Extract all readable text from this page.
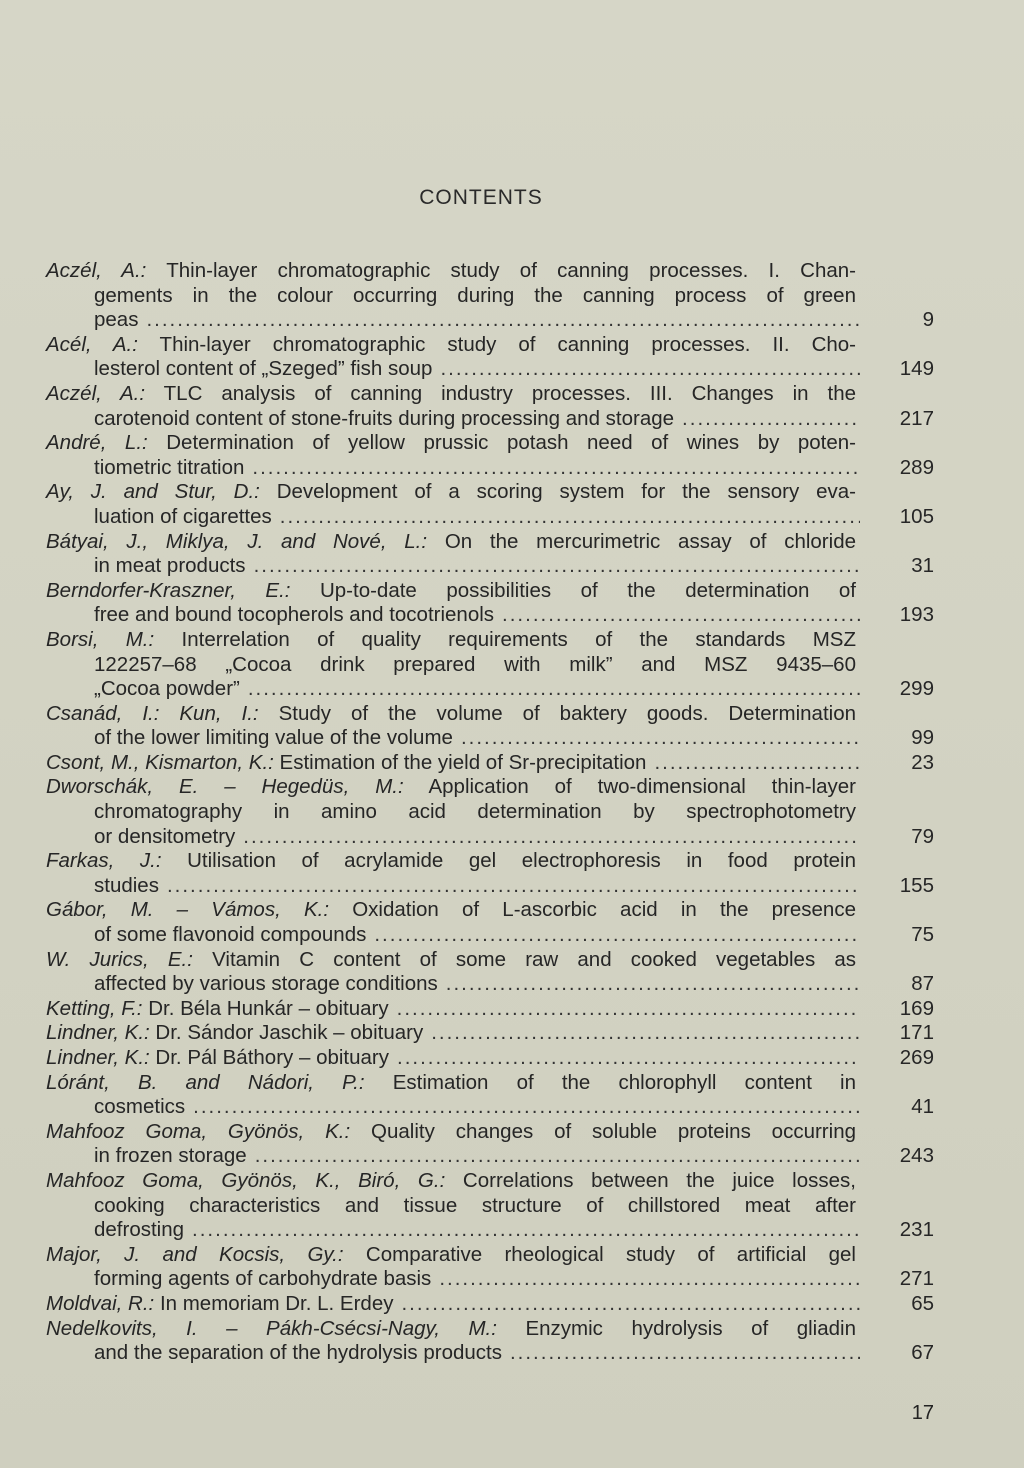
CONTENTS
Aczél, A.: Thin-layer chromatographic study of canning processes. I. Chan-
gements in the colour occurring during the canning process of green
peas .....	9
Acél, A.: Thin-layer chromatographic study of canning processes. II. Cho-
lesterol content of „Szeged” fish soup .....	149
Aczél, A.: TLC analysis of canning industry processes. III. Changes in the
carotenoid content of stone-fruits during processing and storage .....	217
André, L.: Determination of yellow prussic potash need of wines by poten-
tiometric titration .....	289
Ay, J. and Stur, D.: Development of a scoring system for the sensory eva-
luation of cigarettes .....	105
Bátyai, J., Miklya, J. and Nové, L.: On the mercurimetric assay of chloride
in meat products .....	31
Berndorfer-Kraszner, E.: Up-to-date possibilities of the determination of
free and bound tocopherols and tocotrienols .....	193
Borsi, M.: Interrelation of quality requirements of the standards MSZ
122257–68 „Cocoa drink prepared with milk” and MSZ 9435–60
„Cocoa powder” .....	299
Csanád, I.: Kun, I.: Study of the volume of baktery goods. Determination
of the lower limiting value of the volume .....	99
Csont, M., Kismarton, K.: Estimation of the yield of Sr-precipitation .....	23
Dworschák, E. – Hegedüs, M.: Application of two-dimensional thin-layer
chromatography in amino acid determination by spectrophotometry
or densitometry .....	79
Farkas, J.: Utilisation of acrylamide gel electrophoresis in food protein
studies .....	155
Gábor, M. – Vámos, K.: Oxidation of L-ascorbic acid in the presence
of some flavonoid compounds .....	75
W. Jurics, E.: Vitamin C content of some raw and cooked vegetables as
affected by various storage conditions .....	87
Ketting, F.: Dr. Béla Hunkár – obituary .....	169
Lindner, K.: Dr. Sándor Jaschik – obituary .....	171
Lindner, K.: Dr. Pál Báthory – obituary .....	269
Lóránt, B. and Nádori, P.: Estimation of the chlorophyll content in
cosmetics .....	41
Mahfooz Goma, Gyönös, K.: Quality changes of soluble proteins occurring
in frozen storage .....	243
Mahfooz Goma, Gyönös, K., Biró, G.: Correlations between the juice losses,
cooking characteristics and tissue structure of chillstored meat after
defrosting .....	231
Major, J. and Kocsis, Gy.: Comparative rheological study of artificial gel
forming agents of carbohydrate basis .....	271
Moldvai, R.: In memoriam Dr. L. Erdey .....	65
Nedelkovits, I. – Pákh-Csécsi-Nagy, M.: Enzymic hydrolysis of gliadin
and the separation of the hydrolysis products .....	67
17
